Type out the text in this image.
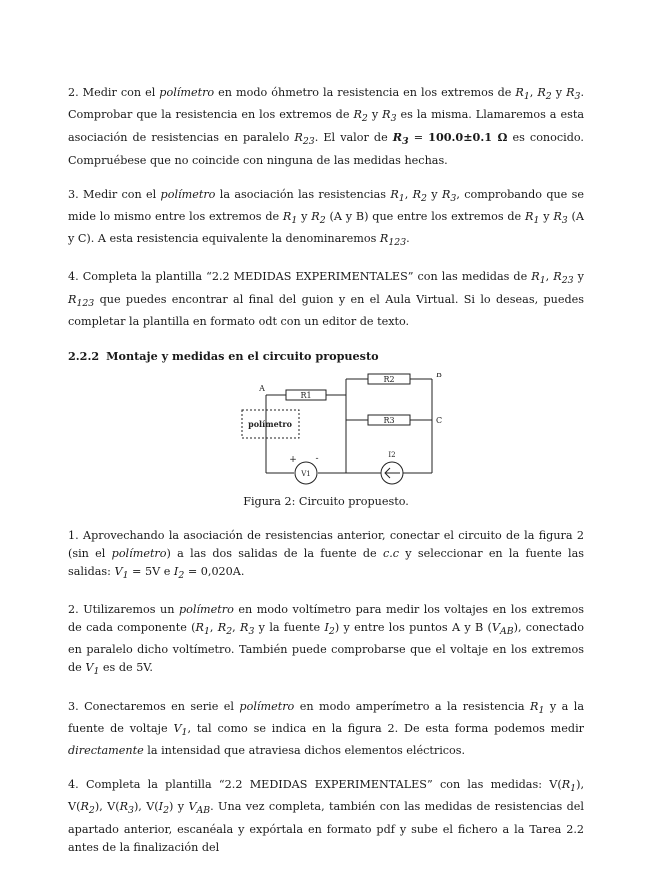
2. Medir con el polímetro en modo óhmetro la resistencia en los extremos de $R_1$, $R_2$ y $R_3$. Comprobar que la resistencia en los extremos de $R_2$ y $R_3$ es la misma. Llamaremos a esta asociación de resistencias en paralelo $R_{23}$. El valor de $R_3 = 100.0\pm 0.1$ Ω es conocido. Compruébese que no coincide con ninguna de las medidas hechas.

3. Medir con el polímetro la asociación las resistencias $R_1$, $R_2$ y $R_3$, comprobando que se mide lo mismo entre los extremos de $R_1$ y $R_2$ (A y B) que entre los extremos de $R_1$ y $R_3$ (A y C). A esta resistencia equivalente la denominaremos $R_{123}$.

4. Completa la plantilla “2.2 MEDIDAS EXPERIMENTALES” con las medidas de $R_1$, $R_{23}$ y $R_{123}$ que puedes encontrar al final del guion y en el Aula Virtual. Si lo deseas, puedes completar la plantilla en formato odt con un editor de texto.

2.2.2 Montaje y medidas en el circuito propuesto

R1
R2
R3
A
B
C
polímetro
V1
I2
+ -

Figura 2: Circuito propuesto.

1. Aprovechando la asociación de resistencias anterior, conectar el circuito de la figura 2 (sin el polímetro) a las dos salidas de la fuente de c.c y seleccionar en la fuente las salidas: $V_1 = 5V$ e $I_2 = 0,020A$.

2. Utilizaremos un polímetro en modo voltímetro para medir los voltajes en los extremos de cada componente ($R_1$, $R_2$, $R_3$ y la fuente $I_2$) y entre los puntos A y B $(V_{AB})$, conectado en paralelo dicho voltímetro. También puede comprobarse que el voltaje en los extremos de $V_1$ es de 5V.

3. Conectaremos en serie el polímetro en modo amperímetro a la resistencia $R_1$ y a la fuente de voltaje $V_1$, tal como se indica en la figura 2. De esta forma podemos medir directamente la intensidad que atraviesa dichos elementos eléctricos.

4. Completa la plantilla “2.2 MEDIDAS EXPERIMENTALES” con las medidas: $V(R_1)$, $V(R_2)$, $V(R_3)$, $V(I_2)$ y $V_{AB}$. Una vez completa, también con las medidas de resistencias del apartado anterior, escanéala y expórtala en formato pdf y sube el fichero a la Tarea 2.2 antes de la finalización del
